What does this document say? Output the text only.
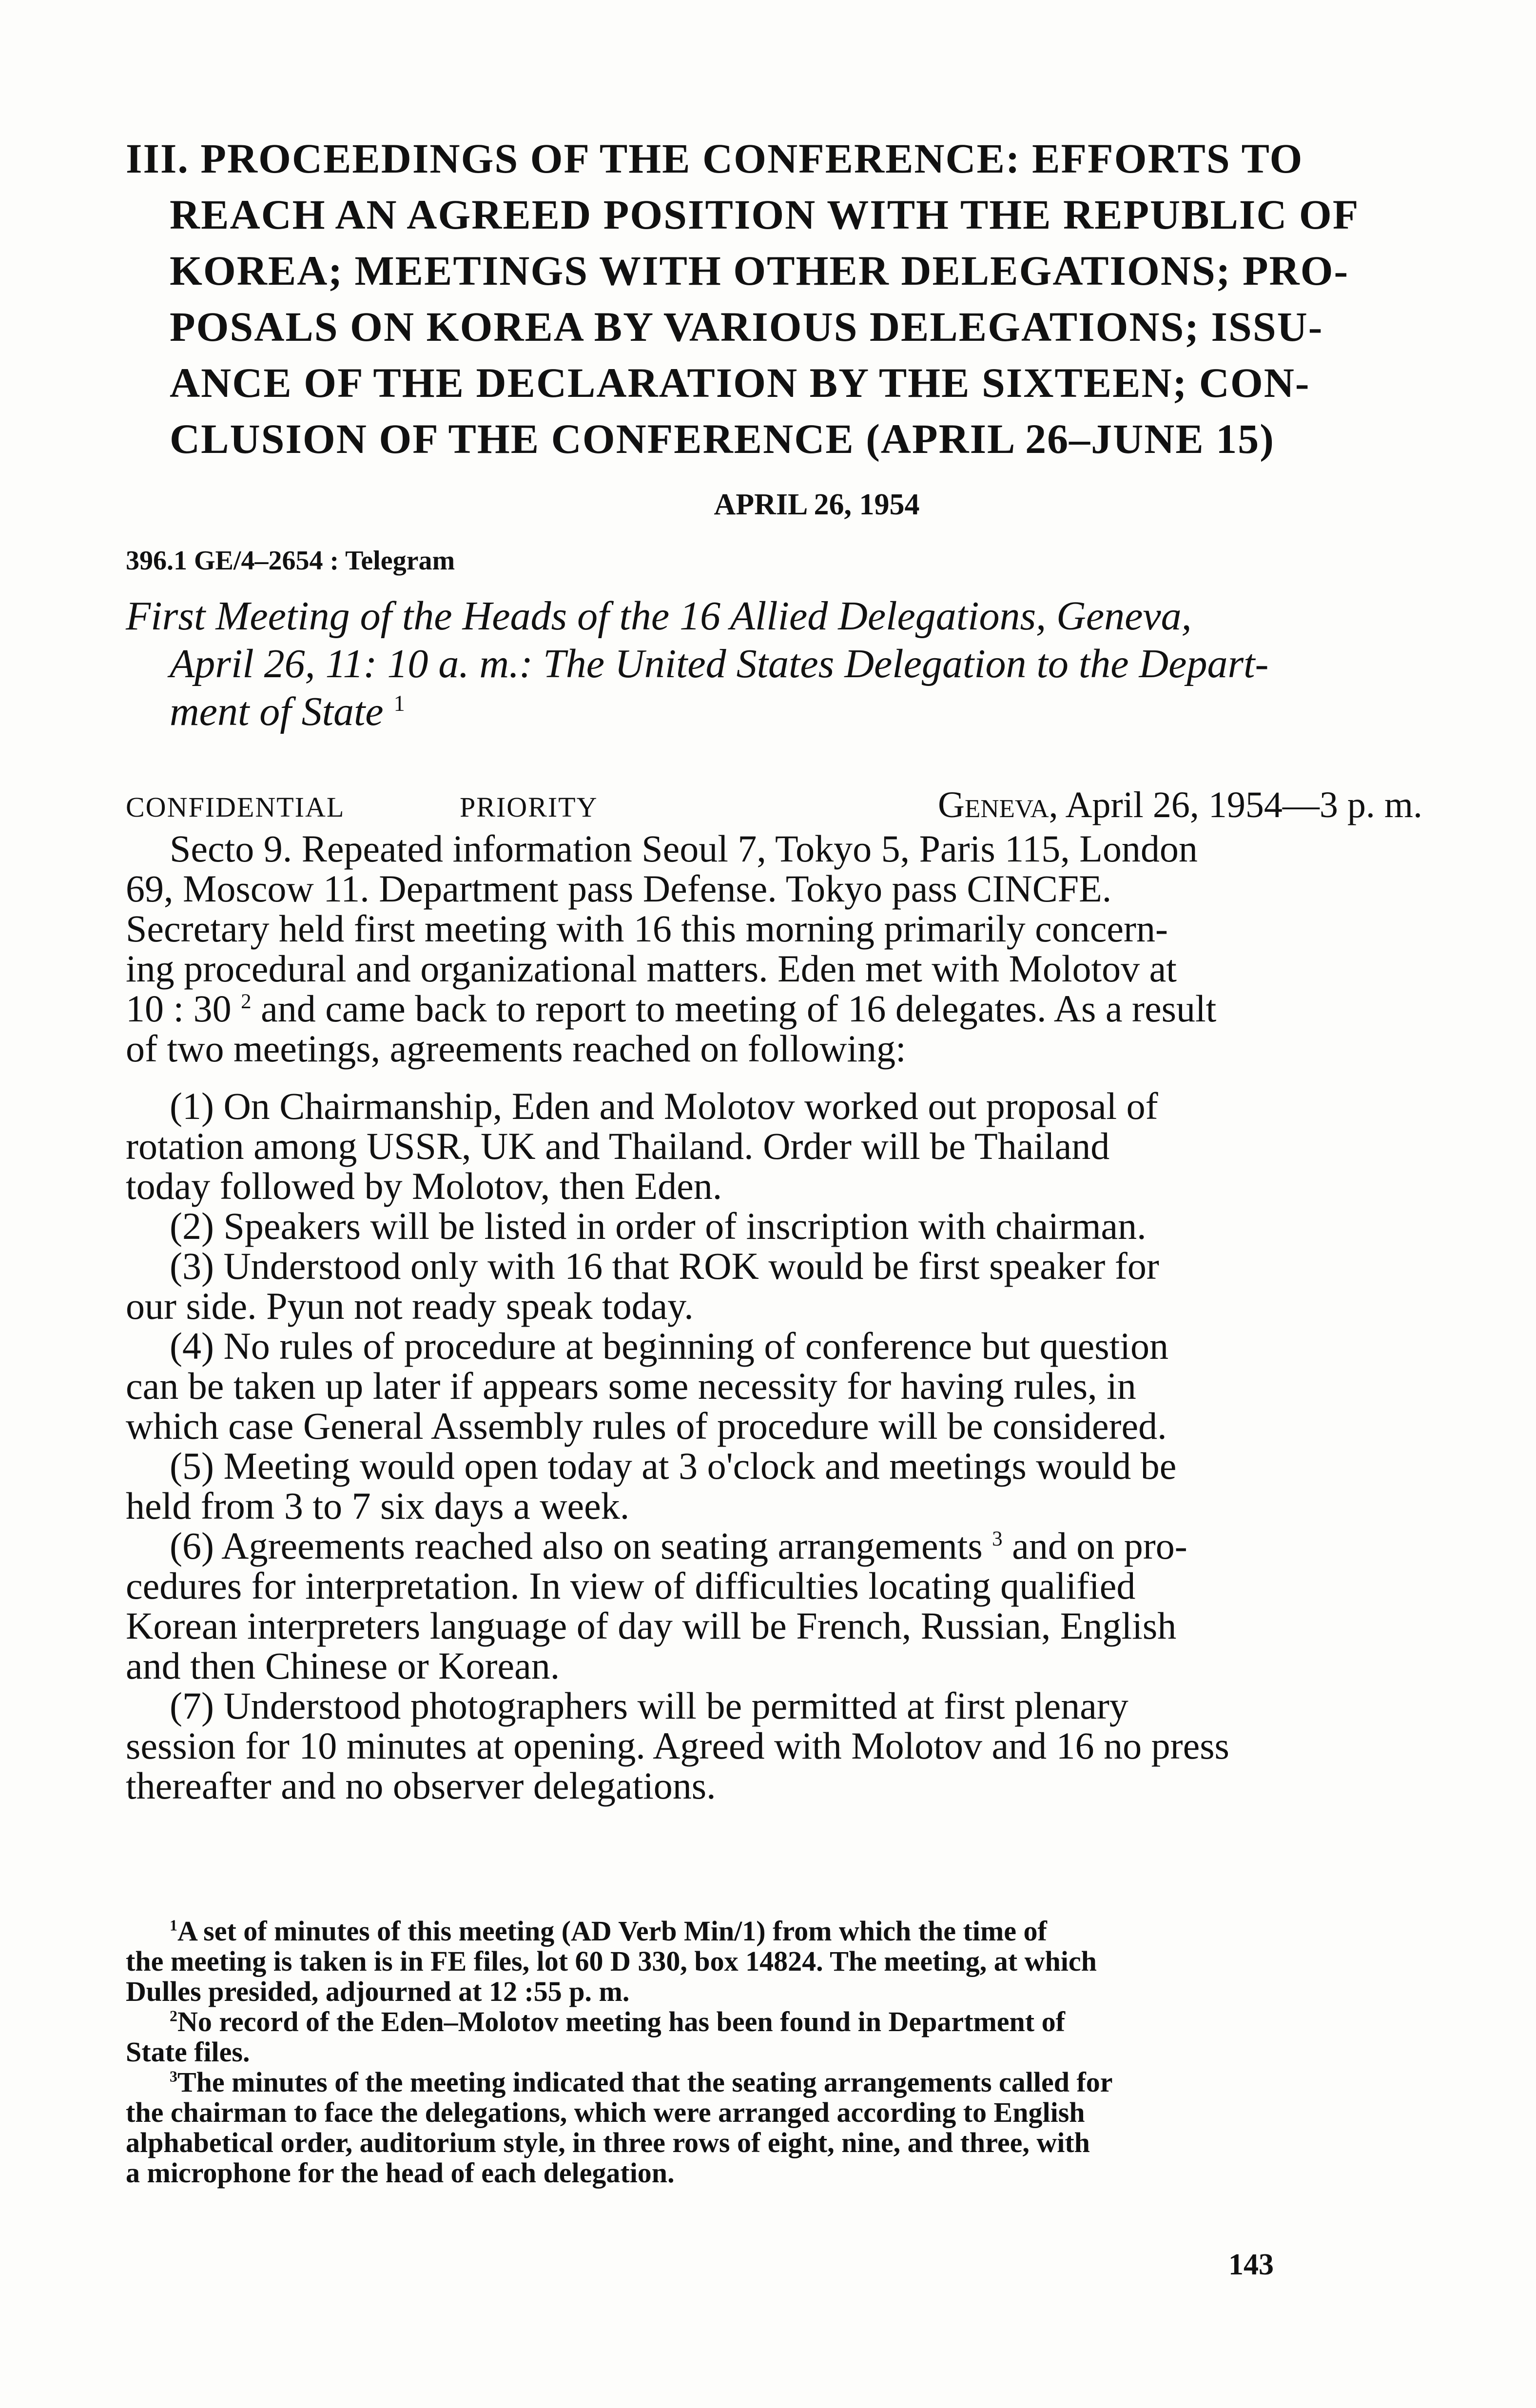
III. PROCEEDINGS OF THE CONFERENCE: EFFORTS TO
REACH AN AGREED POSITION WITH THE REPUBLIC OF
KOREA; MEETINGS WITH OTHER DELEGATIONS; PRO-
POSALS ON KOREA BY VARIOUS DELEGATIONS; ISSU-
ANCE OF THE DECLARATION BY THE SIXTEEN; CON-
CLUSION OF THE CONFERENCE (APRIL 26–JUNE 15)
APRIL 26, 1954
396.1 GE/4–2654 : Telegram
First Meeting of the Heads of the 16 Allied Delegations, Geneva,
April 26, 11: 10 a. m.: The United States Delegation to the Depart-
ment of State $^1$
CONFIDENTIAL	PRIORITY	Geneva, April 26, 1954—3 p. m.
Secto 9. Repeated information Seoul 7, Tokyo 5, Paris 115, London
69, Moscow 11. Department pass Defense. Tokyo pass CINCFE.
Secretary held first meeting with 16 this morning primarily concern-
ing procedural and organizational matters. Eden met with Molotov at
10 : 30 $^2$ and came back to report to meeting of 16 delegates. As a result
of two meetings, agreements reached on following:
(1) On Chairmanship, Eden and Molotov worked out proposal of
rotation among USSR, UK and Thailand. Order will be Thailand
today followed by Molotov, then Eden.
(2) Speakers will be listed in order of inscription with chairman.
(3) Understood only with 16 that ROK would be first speaker for
our side. Pyun not ready speak today.
(4) No rules of procedure at beginning of conference but question
can be taken up later if appears some necessity for having rules, in
which case General Assembly rules of procedure will be considered.
(5) Meeting would open today at 3 o'clock and meetings would be
held from 3 to 7 six days a week.
(6) Agreements reached also on seating arrangements $^3$ and on pro-
cedures for interpretation. In view of difficulties locating qualified
Korean interpreters language of day will be French, Russian, English
and then Chinese or Korean.
(7) Understood photographers will be permitted at first plenary
session for 10 minutes at opening. Agreed with Molotov and 16 no press
thereafter and no observer delegations.
$^1$A set of minutes of this meeting (AD Verb Min/1) from which the time of
the meeting is taken is in FE files, lot 60 D 330, box 14824. The meeting, at which
Dulles presided, adjourned at 12 :55 p. m.
$^2$No record of the Eden–Molotov meeting has been found in Department of
State files.
$^3$The minutes of the meeting indicated that the seating arrangements called for
the chairman to face the delegations, which were arranged according to English
alphabetical order, auditorium style, in three rows of eight, nine, and three, with
a microphone for the head of each delegation.
143
